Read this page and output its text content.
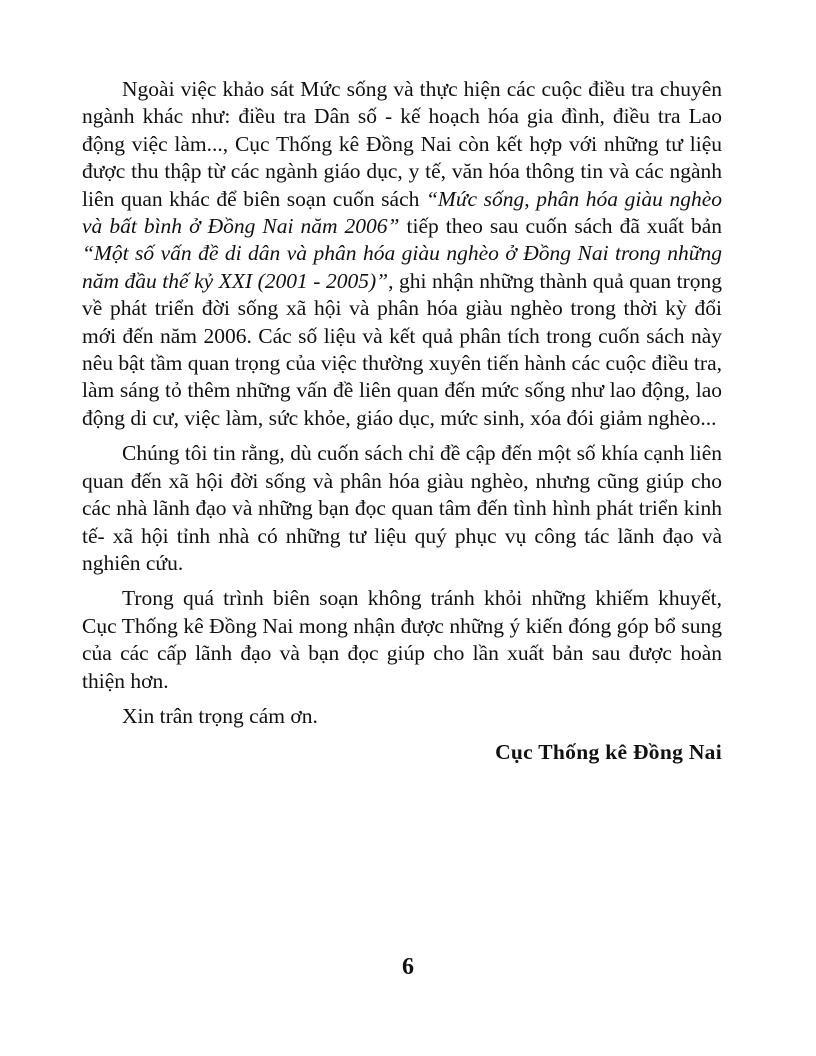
Ngoài việc khảo sát Mức sống và thực hiện các cuộc điều tra chuyên ngành khác như: điều tra Dân số - kế hoạch hóa gia đình, điều tra Lao động việc làm..., Cục Thống kê Đồng Nai còn kết hợp với những tư liệu được thu thập từ các ngành giáo dục, y tế, văn hóa thông tin và các ngành liên quan khác để biên soạn cuốn sách “Mức sống, phân hóa giàu nghèo và bất bình ở Đồng Nai năm 2006” tiếp theo sau cuốn sách đã xuất bản “Một số vấn đề di dân và phân hóa giàu nghèo ở Đồng Nai trong những năm đầu thế kỷ XXI (2001 - 2005)”, ghi nhận những thành quả quan trọng về phát triển đời sống xã hội và phân hóa giàu nghèo trong thời kỳ đổi mới đến năm 2006. Các số liệu và kết quả phân tích trong cuốn sách này nêu bật tầm quan trọng của việc thường xuyên tiến hành các cuộc điều tra, làm sáng tỏ thêm những vấn đề liên quan đến mức sống như lao động, lao động di cư, việc làm, sức khỏe, giáo dục, mức sinh, xóa đói giảm nghèo...

Chúng tôi tin rằng, dù cuốn sách chỉ đề cập đến một số khía cạnh liên quan đến xã hội đời sống và phân hóa giàu nghèo, nhưng cũng giúp cho các nhà lãnh đạo và những bạn đọc quan tâm đến tình hình phát triển kinh tế- xã hội tỉnh nhà có những tư liệu quý phục vụ công tác lãnh đạo và nghiên cứu.

Trong quá trình biên soạn không tránh khỏi những khiếm khuyết, Cục Thống kê Đồng Nai mong nhận được những ý kiến đóng góp bổ sung của các cấp lãnh đạo và bạn đọc giúp cho lần xuất bản sau được hoàn thiện hơn.

Xin trân trọng cám ơn.

Cục Thống kê Đồng Nai
6
